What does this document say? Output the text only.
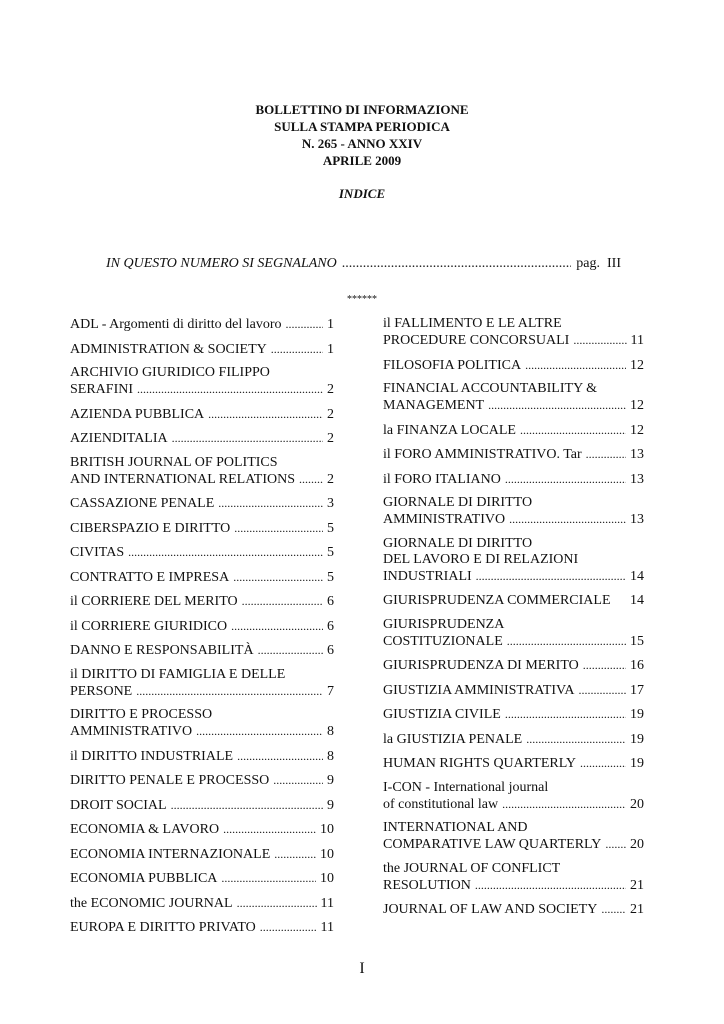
BOLLETTINO DI INFORMAZIONE
SULLA STAMPA PERIODICA
N. 265 - ANNO XXIV
APRILE 2009
INDICE
IN QUESTO NUMERO SI SEGNALANO .....	pag.  III
******
ADL - Argomenti di diritto del lavoro .....	1
ADMINISTRATION & SOCIETY .....	1
ARCHIVIO GIURIDICO FILIPPO
SERAFINI .....	2
AZIENDA PUBBLICA .....	2
AZIENDITALIA .....	2
BRITISH JOURNAL OF POLITICS
AND INTERNATIONAL RELATIONS ..... 2
CASSAZIONE PENALE .....	3
CIBERSPAZIO E DIRITTO .....	5
CIVITAS .....	5
CONTRATTO E IMPRESA .....	5
il CORRIERE DEL MERITO .....	6
il CORRIERE GIURIDICO .....	6
DANNO E RESPONSABILITÀ .....	6
il DIRITTO DI FAMIGLIA E DELLE
PERSONE .....	7
DIRITTO E PROCESSO
AMMINISTRATIVO .....	8
il DIRITTO INDUSTRIALE .....	8
DIRITTO PENALE E PROCESSO .....	9
DROIT SOCIAL .....	9
ECONOMIA & LAVORO .....	10
ECONOMIA INTERNAZIONALE .....	10
ECONOMIA PUBBLICA .....	10
the ECONOMIC JOURNAL .....	11
EUROPA E DIRITTO PRIVATO .....	11
il FALLIMENTO E LE ALTRE
PROCEDURE CONCORSUALI .....	11
FILOSOFIA POLITICA .....	12
FINANCIAL ACCOUNTABILITY &
MANAGEMENT .....	12
la FINANZA LOCALE .....	12
il FORO AMMINISTRATIVO. Tar .....	13
il FORO ITALIANO .....	13
GIORNALE DI DIRITTO
AMMINISTRATIVO .....	13
GIORNALE DI DIRITTO
DEL LAVORO E DI RELAZIONI
INDUSTRIALI .....	14
GIURISPRUDENZA COMMERCIALE 14
GIURISPRUDENZA
COSTITUZIONALE .....	15
GIURISPRUDENZA DI MERITO .....	16
GIUSTIZIA AMMINISTRATIVA .....	17
GIUSTIZIA CIVILE .....	19
la GIUSTIZIA PENALE .....	19
HUMAN RIGHTS QUARTERLY .....	19
I-CON - International journal
of constitutional law .....	20
INTERNATIONAL AND
COMPARATIVE LAW QUARTERLY ..... 20
the JOURNAL OF CONFLICT
RESOLUTION .....	21
JOURNAL OF LAW AND SOCIETY ..... 21
I
